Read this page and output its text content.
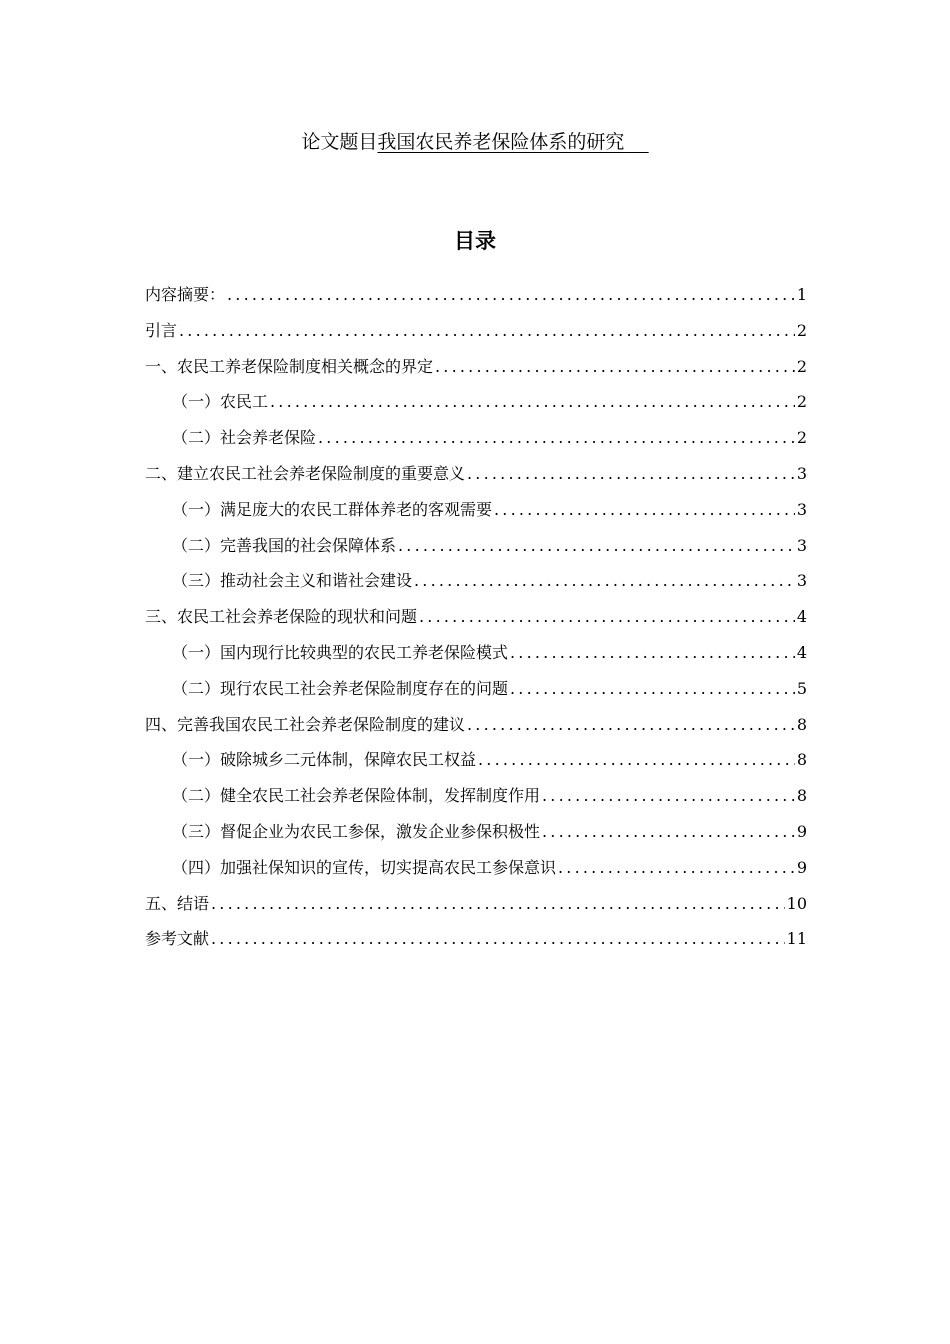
论文题目我国农民养老保险体系的研究
目录
内容摘要： .....	1
引言 .....	2
一、农民工养老保险制度相关概念的界定 .....	2
（一）农民工 .....	2
（二）社会养老保险 .....	2
二、建立农民工社会养老保险制度的重要意义 .....	3
（一）满足庞大的农民工群体养老的客观需要 .....	3
（二）完善我国的社会保障体系 .....	3
（三）推动社会主义和谐社会建设 .....	3
三、农民工社会养老保险的现状和问题 .....	4
（一）国内现行比较典型的农民工养老保险模式 .....	4
（二）现行农民工社会养老保险制度存在的问题 .....	5
四、完善我国农民工社会养老保险制度的建议 .....	8
（一）破除城乡二元体制，保障农民工权益 .....	8
（二）健全农民工社会养老保险体制，发挥制度作用 .....	8
（三）督促企业为农民工参保，激发企业参保积极性 .....	9
（四）加强社保知识的宣传，切实提高农民工参保意识 .....	9
五、结语 .....	10
参考文献 .....	11
